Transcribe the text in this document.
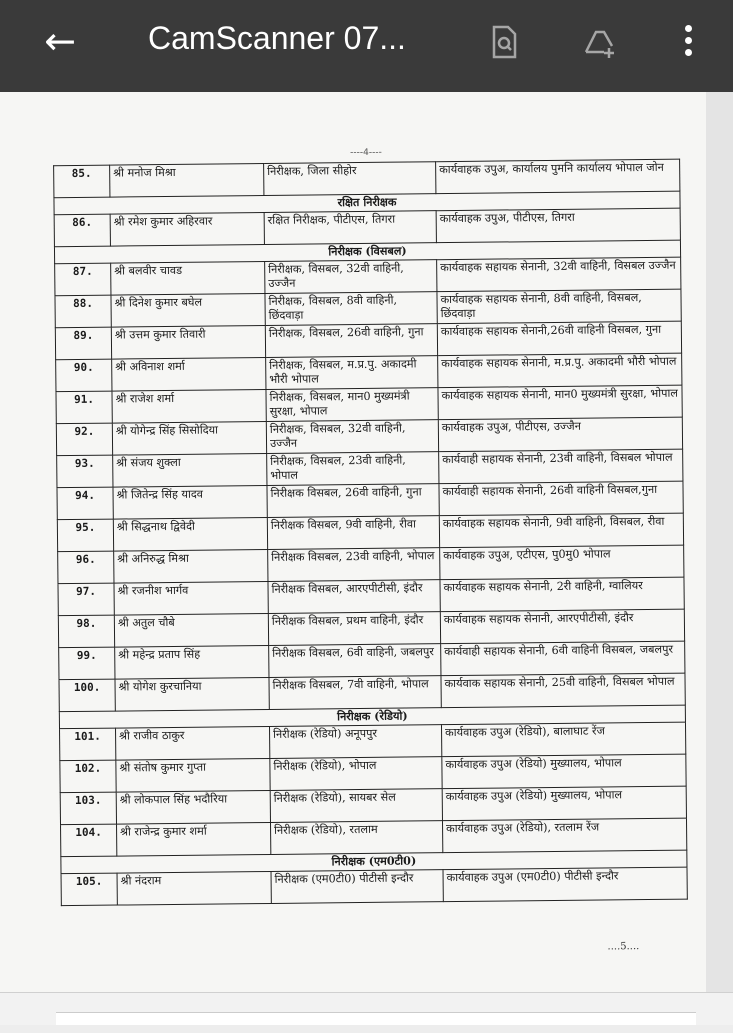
← CamScanner 07...
----4----
85.	श्री मनोज मिश्रा	निरीक्षक, जिला सीहोर	कार्यवाहक उपुअ, कार्यालय पुमनि कार्यालय भोपाल जोन
रक्षित निरीक्षक			
86.	श्री रमेश कुमार अहिरवार	रक्षित निरीक्षक, पीटीएस, तिगरा	कार्यवाहक उपुअ, पीटीएस, तिगरा
निरीक्षक (विसबल)			
87.	श्री बलवीर चावड	निरीक्षक, विसबल, 32वी वाहिनी, उज्जैन	कार्यवाहक सहायक सेनानी, 32वी वाहिनी, विसबल उज्जैन
88.	श्री दिनेश कुमार बघेल	निरीक्षक, विसबल, 8वी वाहिनी, छिंदवाड़ा	कार्यवाहक सहायक सेनानी, 8वी वाहिनी, विसबल, छिंदवाड़ा
89.	श्री उत्तम कुमार तिवारी	निरीक्षक, विसबल, 26वी वाहिनी, गुना	कार्यवाहक सहायक सेनानी,26वी वाहिनी विसबल, गुना
90.	श्री अविनाश शर्मा	निरीक्षक, विसबल, म.प्र.पु. अकादमी भौरी भोपाल	कार्यवाहक सहायक सेनानी, म.प्र.पु. अकादमी भौरी भोपाल
91.	श्री राजेश शर्मा	निरीक्षक, विसबल, मान0 मुख्यमंत्री सुरक्षा, भोपाल	कार्यवाहक सहायक सेनानी, मान0 मुख्यमंत्री सुरक्षा, भोपाल
92.	श्री योगेन्द्र सिंह सिसोदिया	निरीक्षक, विसबल, 32वी वाहिनी, उज्जैन	कार्यवाहक उपुअ, पीटीएस, उज्जैन
93.	श्री संजय शुक्ला	निरीक्षक, विसबल, 23वी वाहिनी, भोपाल	कार्यवाही सहायक सेनानी, 23वी वाहिनी, विसबल भोपाल
94.	श्री जितेन्द्र सिंह यादव	निरीक्षक विसबल, 26वी वाहिनी, गुना	कार्यवाही सहायक सेनानी, 26वी वाहिनी विसबल,गुना
95.	श्री सिद्धनाथ द्विवेदी	निरीक्षक विसबल, 9वी वाहिनी, रीवा	कार्यवाहक सहायक सेनानी, 9वी वाहिनी, विसबल, रीवा
96.	श्री अनिरुद्ध मिश्रा	निरीक्षक विसबल, 23वी वाहिनी, भोपाल	कार्यवाहक उपुअ, एटीएस, पु0मु0 भोपाल
97.	श्री रजनीश भार्गव	निरीक्षक विसबल, आरएपीटीसी, इंदौर	कार्यवाहक सहायक सेनानी, 2री वाहिनी, ग्वालियर
98.	श्री अतुल चौबे	निरीक्षक विसबल, प्रथम वाहिनी, इंदौर	कार्यवाहक सहायक सेनानी, आरएपीटीसी, इंदौर
99.	श्री महेन्द्र प्रताप सिंह	निरीक्षक विसबल, 6वी वाहिनी, जबलपुर	कार्यवाही सहायक सेनानी, 6वी वाहिनी विसबल, जबलपुर
100.	श्री योगेश कुरचानिया	निरीक्षक विसबल, 7वी वाहिनी, भोपाल	कार्यवाक सहायक सेनानी, 25वी वाहिनी, विसबल भोपाल
निरीक्षक (रेडियो)			
101.	श्री राजीव ठाकुर	निरीक्षक (रेडियो) अनूपपुर	कार्यवाहक उपुअ (रेडियो), बालाघाट रेंज
102.	श्री संतोष कुमार गुप्ता	निरीक्षक (रेडियो), भोपाल	कार्यवाहक उपुअ (रेडियो) मुख्यालय, भोपाल
103.	श्री लोकपाल सिंह भदौरिया	निरीक्षक (रेडियो), सायबर सेल	कार्यवाहक उपुअ (रेडियो) मुख्यालय, भोपाल
104.	श्री राजेन्द्र कुमार शर्मा	निरीक्षक (रेडियो), रतलाम	कार्यवाहक उपुअ (रेडियो), रतलाम रेंज
निरीक्षक (एम0टी0)			
105.	श्री नंदराम	निरीक्षक (एम0टी0) पीटीसी इन्दौर	कार्यवाहक उपुअ (एम0टी0) पीटीसी इन्दौर
....5....
